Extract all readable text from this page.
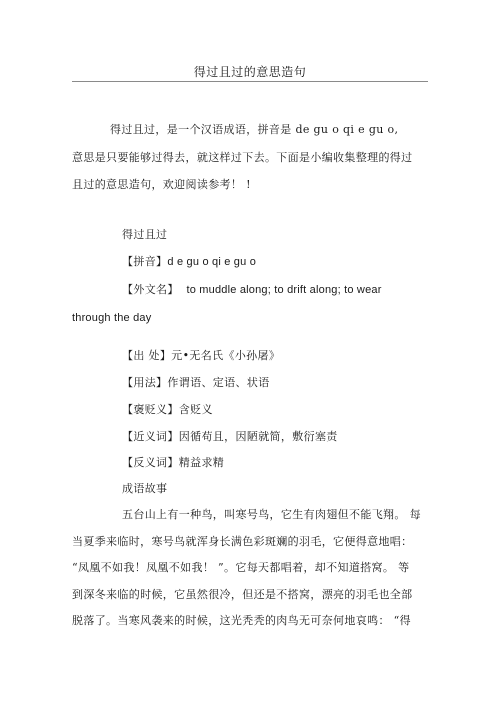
得过且过的意思造句
得过且过，是一个汉语成语，拼音是 de gu o qi e gu o,
意思是只要能够过得去，就这样过下去。下面是小编收集整理的得过
且过的意思造句，欢迎阅读参考！ !
得过且过
【拼音】d e gu o qi e gu o
【外文名】 to muddle along; to drift along; to wear
through the day
【出 处】元•无名氏《小孙屠》
【用法】作谓语、定语、状语
【褒贬义】含贬义
【近义词】因循苟且，因陋就简，敷衍塞责
【反义词】精益求精
成语故事
五台山上有一种鸟，叫寒号鸟，它生有肉翅但不能飞翔。 每
当夏季来临时，寒号鸟就浑身长满色彩斑斓的羽毛，它便得意地唱：
“凤凰不如我！凤凰不如我！ ”。它每天都唱着，却不知道搭窝。 等
到深冬来临的时候，它虽然很冷，但还是不搭窝，漂亮的羽毛也全部
脱落了。当寒风袭来的时候，这光秃秃的肉鸟无可奈何地哀鸣： “得
